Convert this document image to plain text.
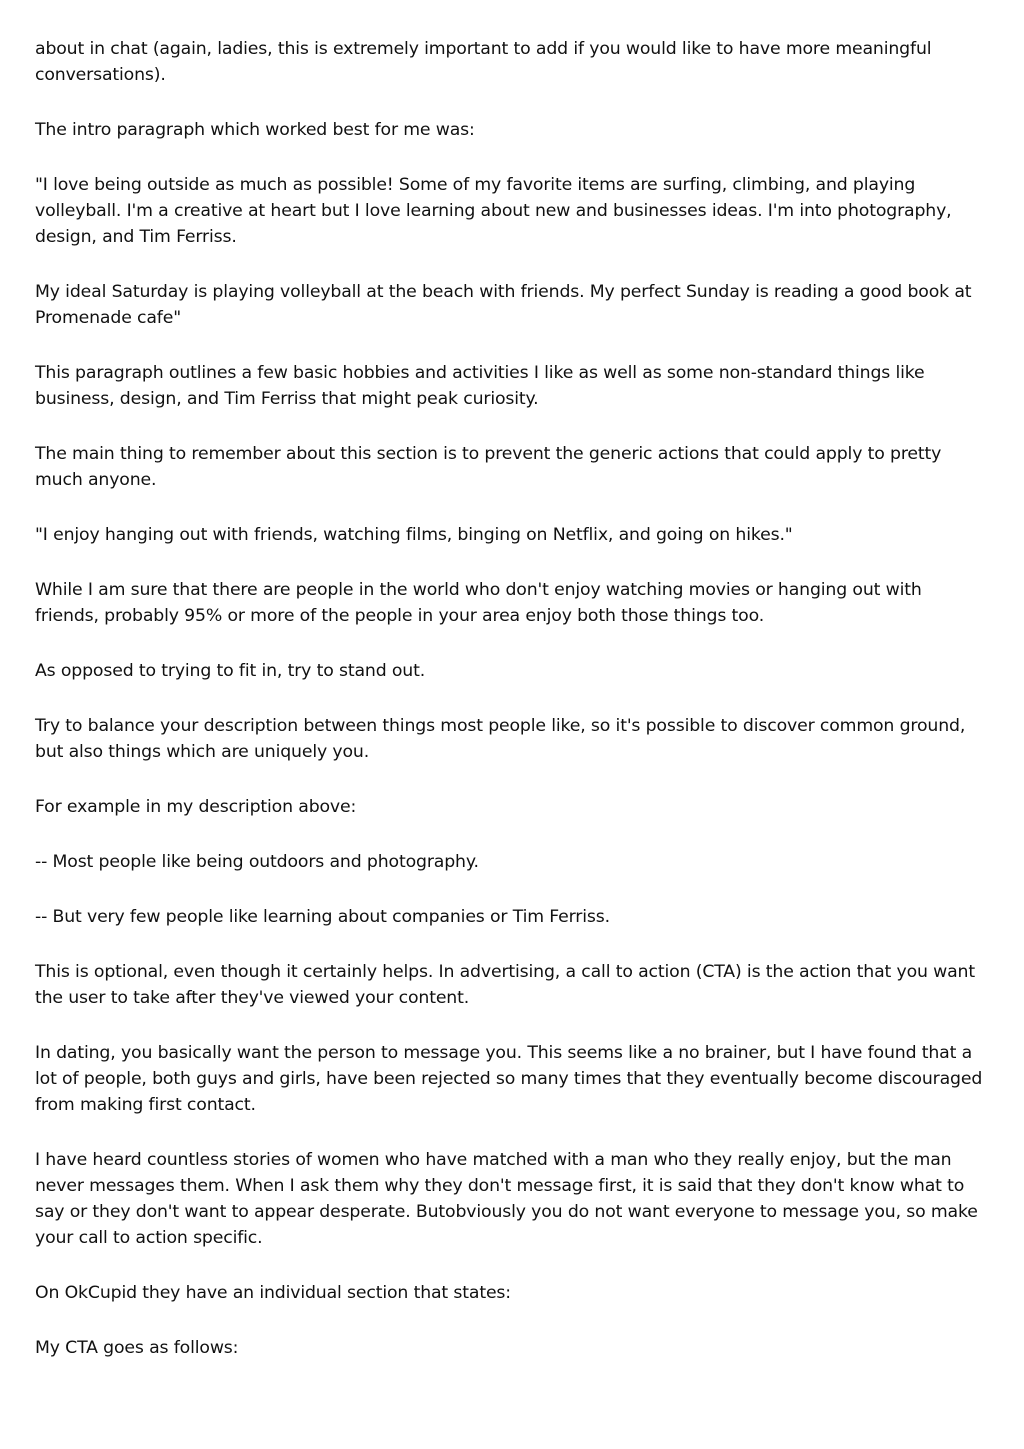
about in chat (again, ladies, this is extremely important to add if you would like to have more meaningful conversations).

The intro paragraph which worked best for me was:

"I love being outside as much as possible! Some of my favorite items are surfing, climbing, and playing volleyball. I'm a creative at heart but I love learning about new and businesses ideas. I'm into photography, design, and Tim Ferriss.

My ideal Saturday is playing volleyball at the beach with friends. My perfect Sunday is reading a good book at Promenade cafe"

This paragraph outlines a few basic hobbies and activities I like as well as some non-standard things like business, design, and Tim Ferriss that might peak curiosity.

The main thing to remember about this section is to prevent the generic actions that could apply to pretty much anyone.

"I enjoy hanging out with friends, watching films, binging on Netflix, and going on hikes."

While I am sure that there are people in the world who don't enjoy watching movies or hanging out with friends, probably 95% or more of the people in your area enjoy both those things too.

As opposed to trying to fit in, try to stand out.

Try to balance your description between things most people like, so it's possible to discover common ground, but also things which are uniquely you.

For example in my description above:

-- Most people like being outdoors and photography.

-- But very few people like learning about companies or Tim Ferriss.

This is optional, even though it certainly helps. In advertising, a call to action (CTA) is the action that you want the user to take after they've viewed your content.

In dating, you basically want the person to message you. This seems like a no brainer, but I have found that a lot of people, both guys and girls, have been rejected so many times that they eventually become discouraged from making first contact.

I have heard countless stories of women who have matched with a man who they really enjoy, but the man never messages them. When I ask them why they don't message first, it is said that they don't know what to say or they don't want to appear desperate. Butobviously you do not want everyone to message you, so make your call to action specific.

On OkCupid they have an individual section that states:

My CTA goes as follows:
